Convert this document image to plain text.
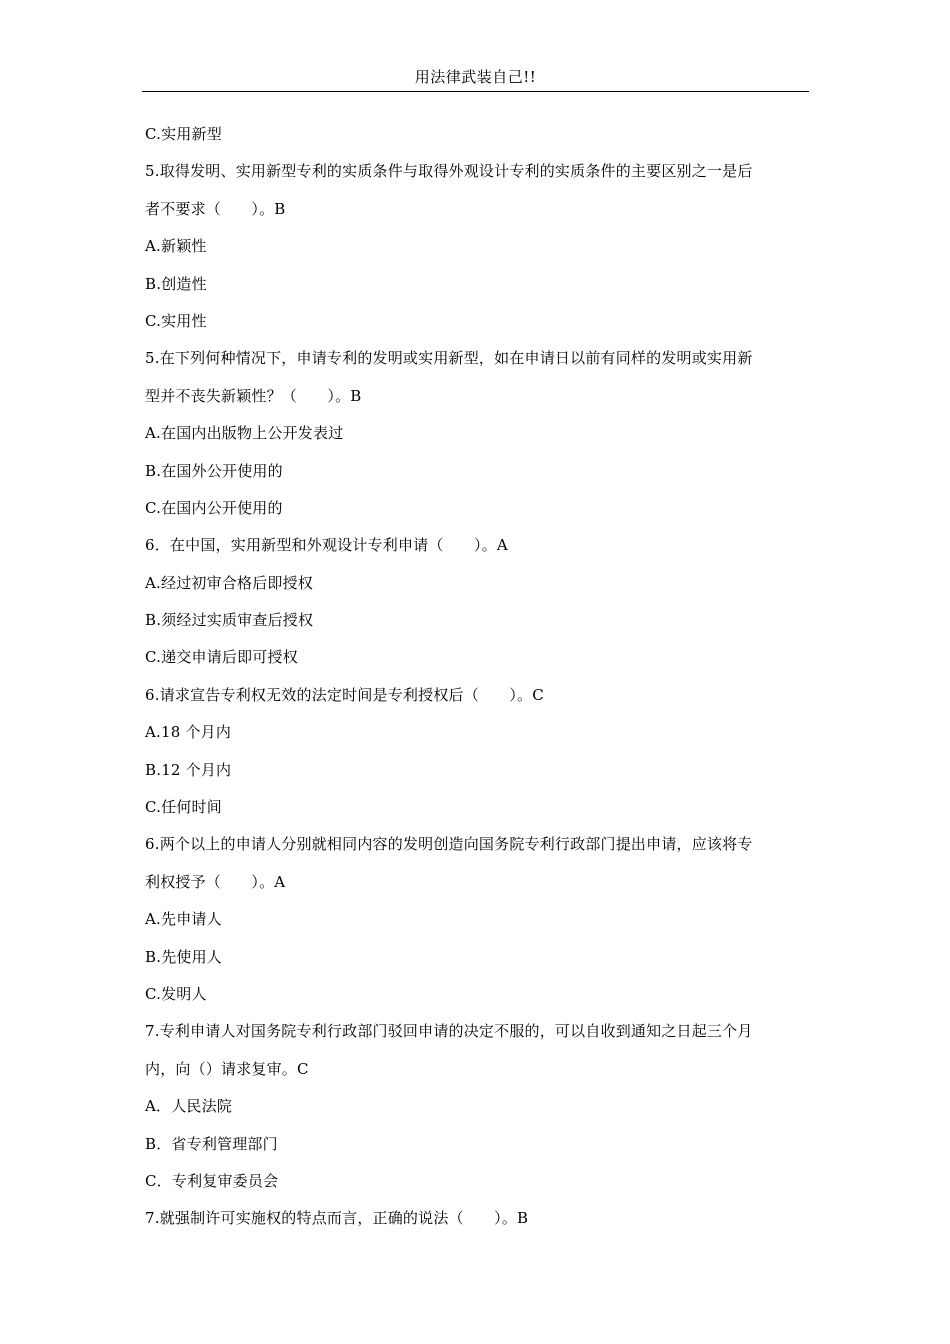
用法律武装自己!!
C.实用新型
5.取得发明、实用新型专利的实质条件与取得外观设计专利的实质条件的主要区别之一是后
者不要求（　　）。B
A.新颖性
B.创造性
C.实用性
5.在下列何种情况下，申请专利的发明或实用新型，如在申请日以前有同样的发明或实用新
型并不丧失新颖性？（　　）。B
A.在国内出版物上公开发表过
B.在国外公开使用的
C.在国内公开使用的
6．在中国，实用新型和外观设计专利申请（　　）。A
A.经过初审合格后即授权
B.须经过实质审查后授权
C.递交申请后即可授权
6.请求宣告专利权无效的法定时间是专利授权后（　　）。C
A.18 个月内
B.12 个月内
C.任何时间
6.两个以上的申请人分别就相同内容的发明创造向国务院专利行政部门提出申请，应该将专
利权授予（　　）。A
A.先申请人
B.先使用人
C.发明人
7.专利申请人对国务院专利行政部门驳回申请的决定不服的，可以自收到通知之日起三个月
内，向（）请求复审。C
A．人民法院
B．省专利管理部门
C．专利复审委员会
7.就强制许可实施权的特点而言，正确的说法（　　）。B
